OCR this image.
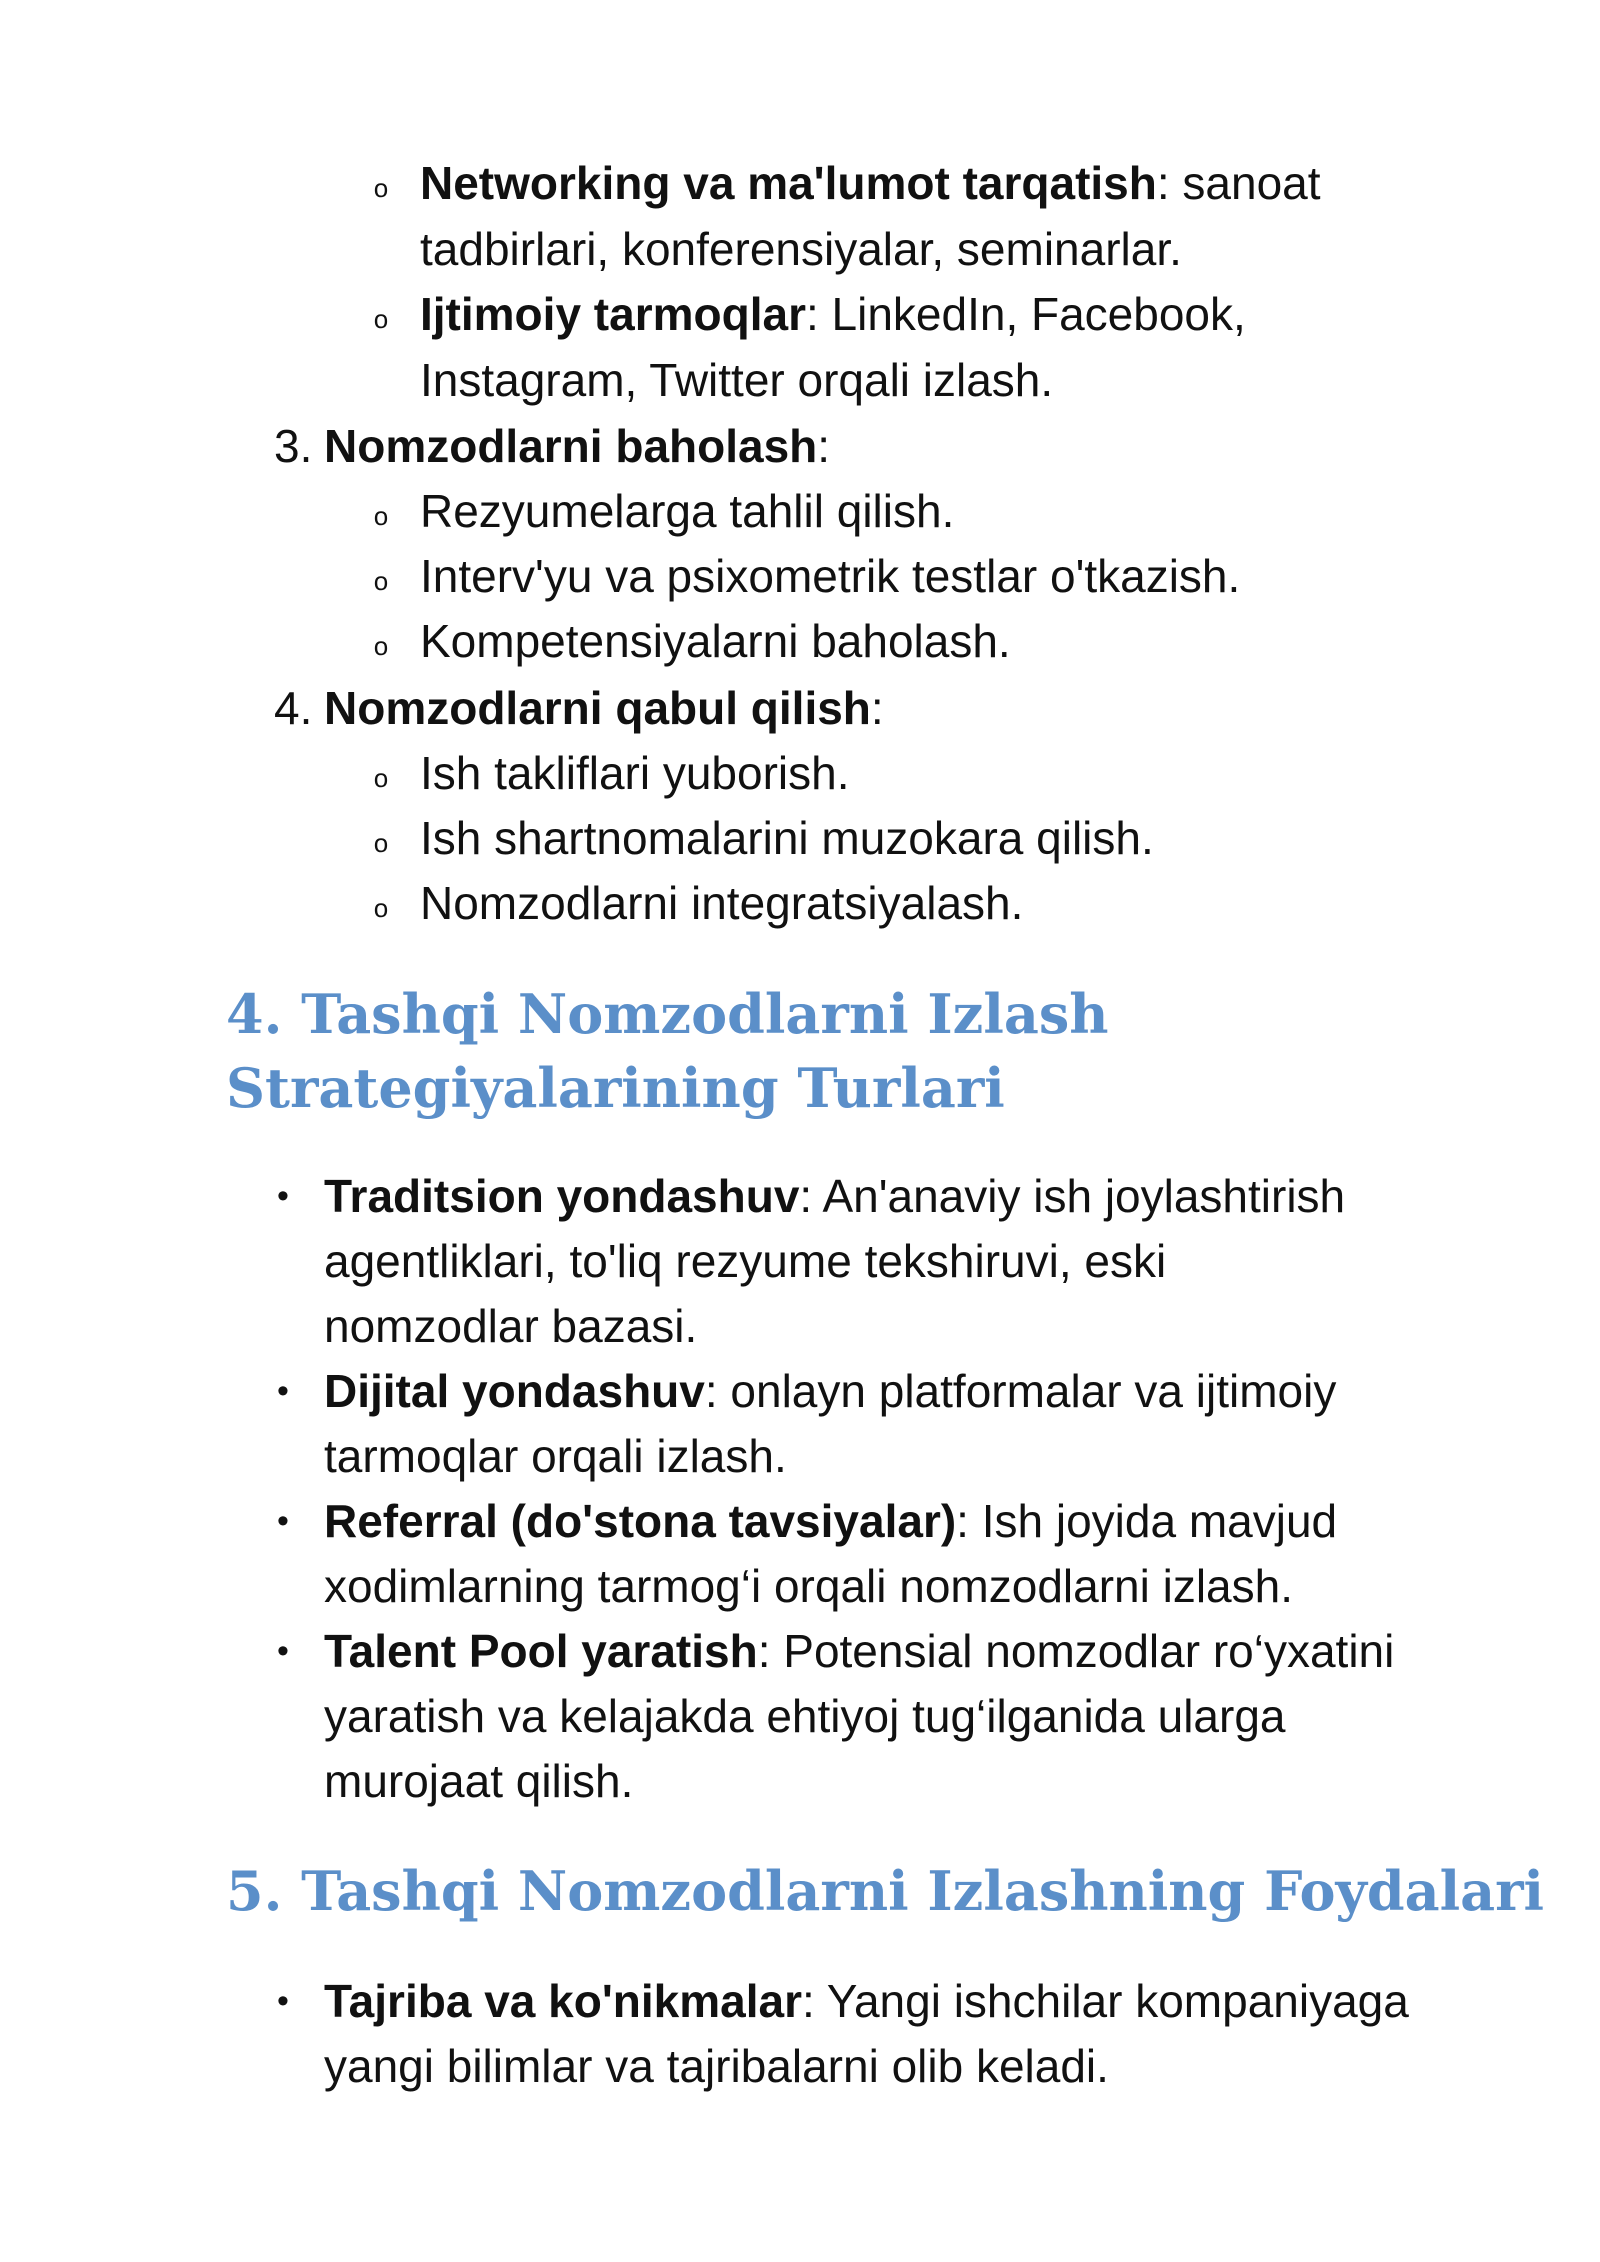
o Networking va ma'lumot tarqatish: sanoat
tadbirlari, konferensiyalar, seminarlar.
o Ijtimoiy tarmoqlar: LinkedIn, Facebook,
Instagram, Twitter orqali izlash.
3. Nomzodlarni baholash:
o Rezyumelarga tahlil qilish.
o Interv'yu va psixometrik testlar o'tkazish.
o Kompetensiyalarni baholash.
4. Nomzodlarni qabul qilish:
o Ish takliflari yuborish.
o Ish shartnomalarini muzokara qilish.
o Nomzodlarni integratsiyalash.
4. Tashqi Nomzodlarni Izlash
Strategiyalarining Turlari
• Traditsion yondashuv: An'anaviy ish joylashtirish
agentliklari, to'liq rezyume tekshiruvi, eski
nomzodlar bazasi.
• Dijital yondashuv: onlayn platformalar va ijtimoiy
tarmoqlar orqali izlash.
• Referral (do'stona tavsiyalar): Ish joyida mavjud
xodimlarning tarmog‘i orqali nomzodlarni izlash.
• Talent Pool yaratish: Potensial nomzodlar ro‘yxatini
yaratish va kelajakda ehtiyoj tug‘ilganida ularga
murojaat qilish.
5. Tashqi Nomzodlarni Izlashning Foydalari
• Tajriba va ko'nikmalar: Yangi ishchilar kompaniyaga
yangi bilimlar va tajribalarni olib keladi.
